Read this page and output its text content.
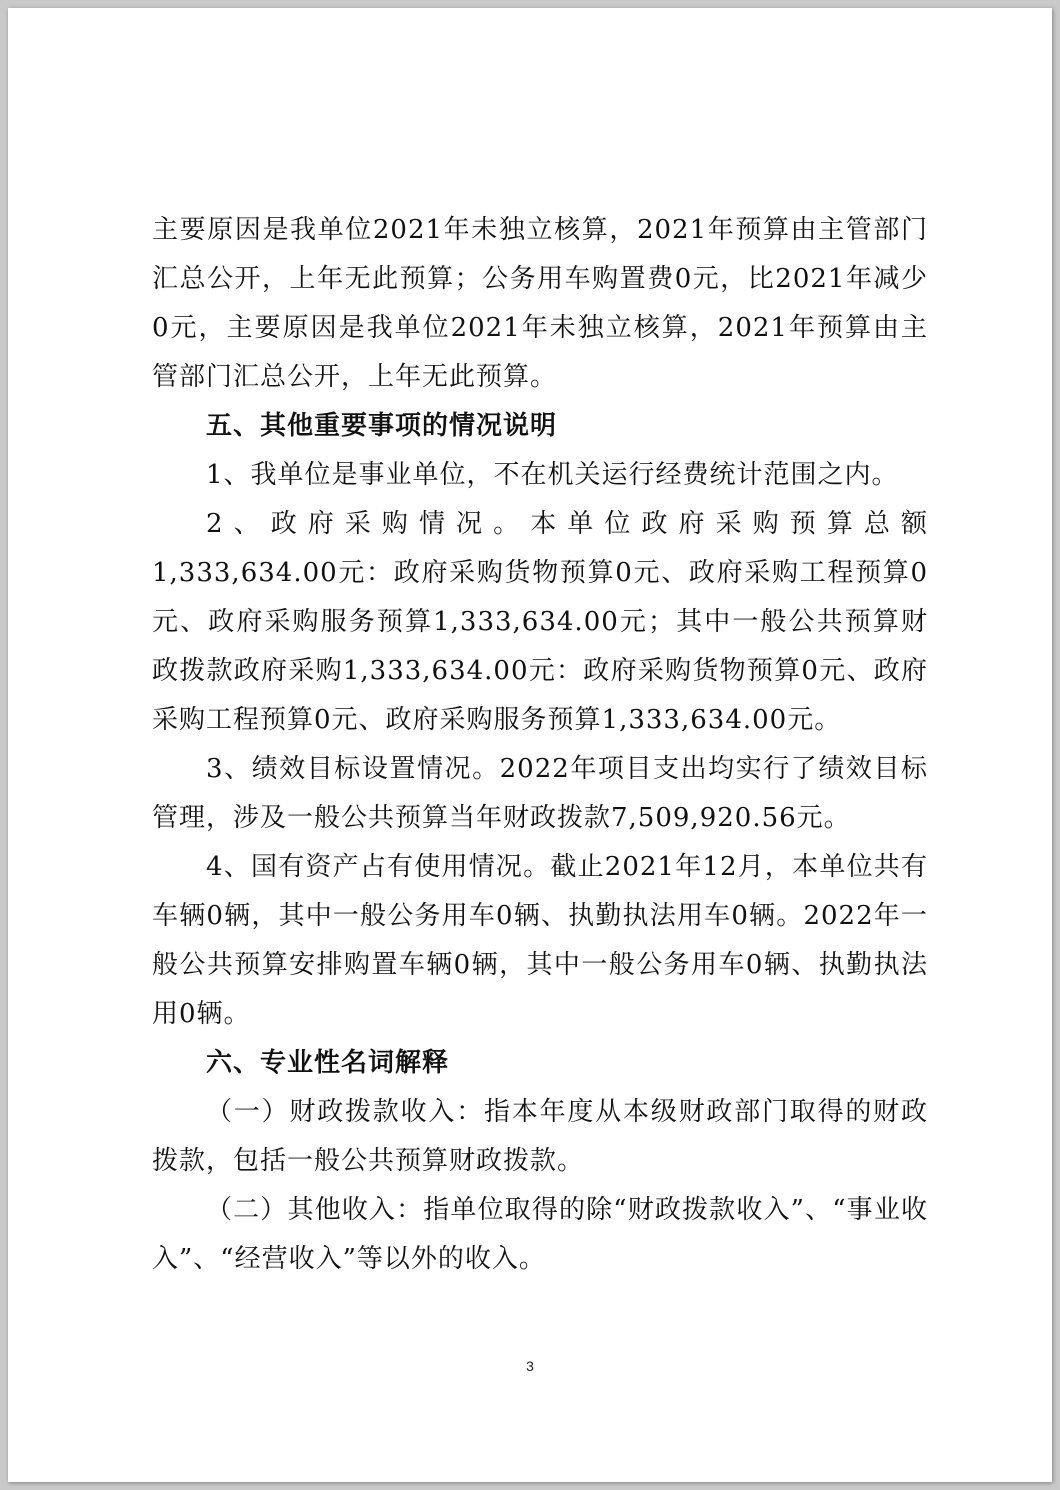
主要原因是我单位2021年未独立核算，2021年预算由主管部门汇总公开，上年无此预算；公务用车购置费0元，比2021年减少0元，主要原因是我单位2021年未独立核算，2021年预算由主管部门汇总公开，上年无此预算。

五、其他重要事项的情况说明

1、我单位是事业单位，不在机关运行经费统计范围之内。

2、政府采购情况。本单位政府采购预算总额 1,333,634.00元：政府采购货物预算0元、政府采购工程预算0元、政府采购服务预算1,333,634.00元；其中一般公共预算财政拨款政府采购1,333,634.00元：政府采购货物预算0元、政府采购工程预算0元、政府采购服务预算1,333,634.00元。

3、绩效目标设置情况。2022年项目支出均实行了绩效目标管理，涉及一般公共预算当年财政拨款7,509,920.56元。

4、国有资产占有使用情况。截止2021年12月，本单位共有车辆0辆，其中一般公务用车0辆、执勤执法用车0辆。2022年一般公共预算安排购置车辆0辆，其中一般公务用车0辆、执勤执法用0辆。

六、专业性名词解释

（一）财政拨款收入：指本年度从本级财政部门取得的财政拨款，包括一般公共预算财政拨款。

（二）其他收入：指单位取得的除“财政拨款收入”、“事业收入”、“经营收入”等以外的收入。

3
